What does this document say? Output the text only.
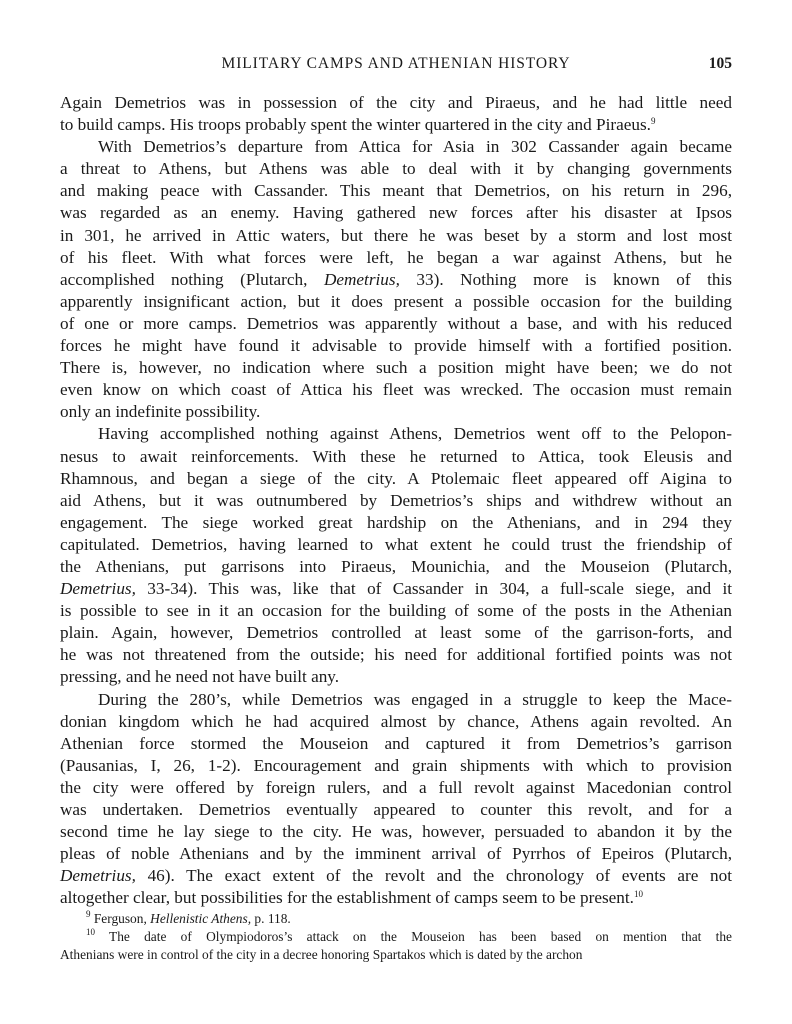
MILITARY CAMPS AND ATHENIAN HISTORY	105
Again Demetrios was in possession of the city and Piraeus, and he had little need
to build camps. His troops probably spent the winter quartered in the city and Piraeus.$^9$
With Demetrios’s departure from Attica for Asia in 302 Cassander again became
a threat to Athens, but Athens was able to deal with it by changing governments
and making peace with Cassander. This meant that Demetrios, on his return in 296,
was regarded as an enemy. Having gathered new forces after his disaster at Ipsos
in 301, he arrived in Attic waters, but there he was beset by a storm and lost most
of his fleet. With what forces were left, he began a war against Athens, but he
accomplished nothing (Plutarch, Demetrius, 33). Nothing more is known of this
apparently insignificant action, but it does present a possible occasion for the building
of one or more camps. Demetrios was apparently without a base, and with his reduced
forces he might have found it advisable to provide himself with a fortified position.
There is, however, no indication where such a position might have been; we do not
even know on which coast of Attica his fleet was wrecked. The occasion must remain
only an indefinite possibility.
Having accomplished nothing against Athens, Demetrios went off to the Pelopon-
nesus to await reinforcements. With these he returned to Attica, took Eleusis and
Rhamnous, and began a siege of the city. A Ptolemaic fleet appeared off Aigina to
aid Athens, but it was outnumbered by Demetrios’s ships and withdrew without an
engagement. The siege worked great hardship on the Athenians, and in 294 they
capitulated. Demetrios, having learned to what extent he could trust the friendship of
the Athenians, put garrisons into Piraeus, Mounichia, and the Mouseion (Plutarch,
Demetrius, 33-34). This was, like that of Cassander in 304, a full-scale siege, and it
is possible to see in it an occasion for the building of some of the posts in the Athenian
plain. Again, however, Demetrios controlled at least some of the garrison-forts, and
he was not threatened from the outside; his need for additional fortified points was not
pressing, and he need not have built any.
During the 280’s, while Demetrios was engaged in a struggle to keep the Mace-
donian kingdom which he had acquired almost by chance, Athens again revolted. An
Athenian force stormed the Mouseion and captured it from Demetrios’s garrison
(Pausanias, I, 26, 1-2). Encouragement and grain shipments with which to provision
the city were offered by foreign rulers, and a full revolt against Macedonian control
was undertaken. Demetrios eventually appeared to counter this revolt, and for a
second time he lay siege to the city. He was, however, persuaded to abandon it by the
pleas of noble Athenians and by the imminent arrival of Pyrrhos of Epeiros (Plutarch,
Demetrius, 46). The exact extent of the revolt and the chronology of events are not
altogether clear, but possibilities for the establishment of camps seem to be present.$^{10}$
$^9$ Ferguson, Hellenistic Athens, p. 118.
$^{10}$ The date of Olympiodoros’s attack on the Mouseion has been based on mention that the
Athenians were in control of the city in a decree honoring Spartakos which is dated by the archon
